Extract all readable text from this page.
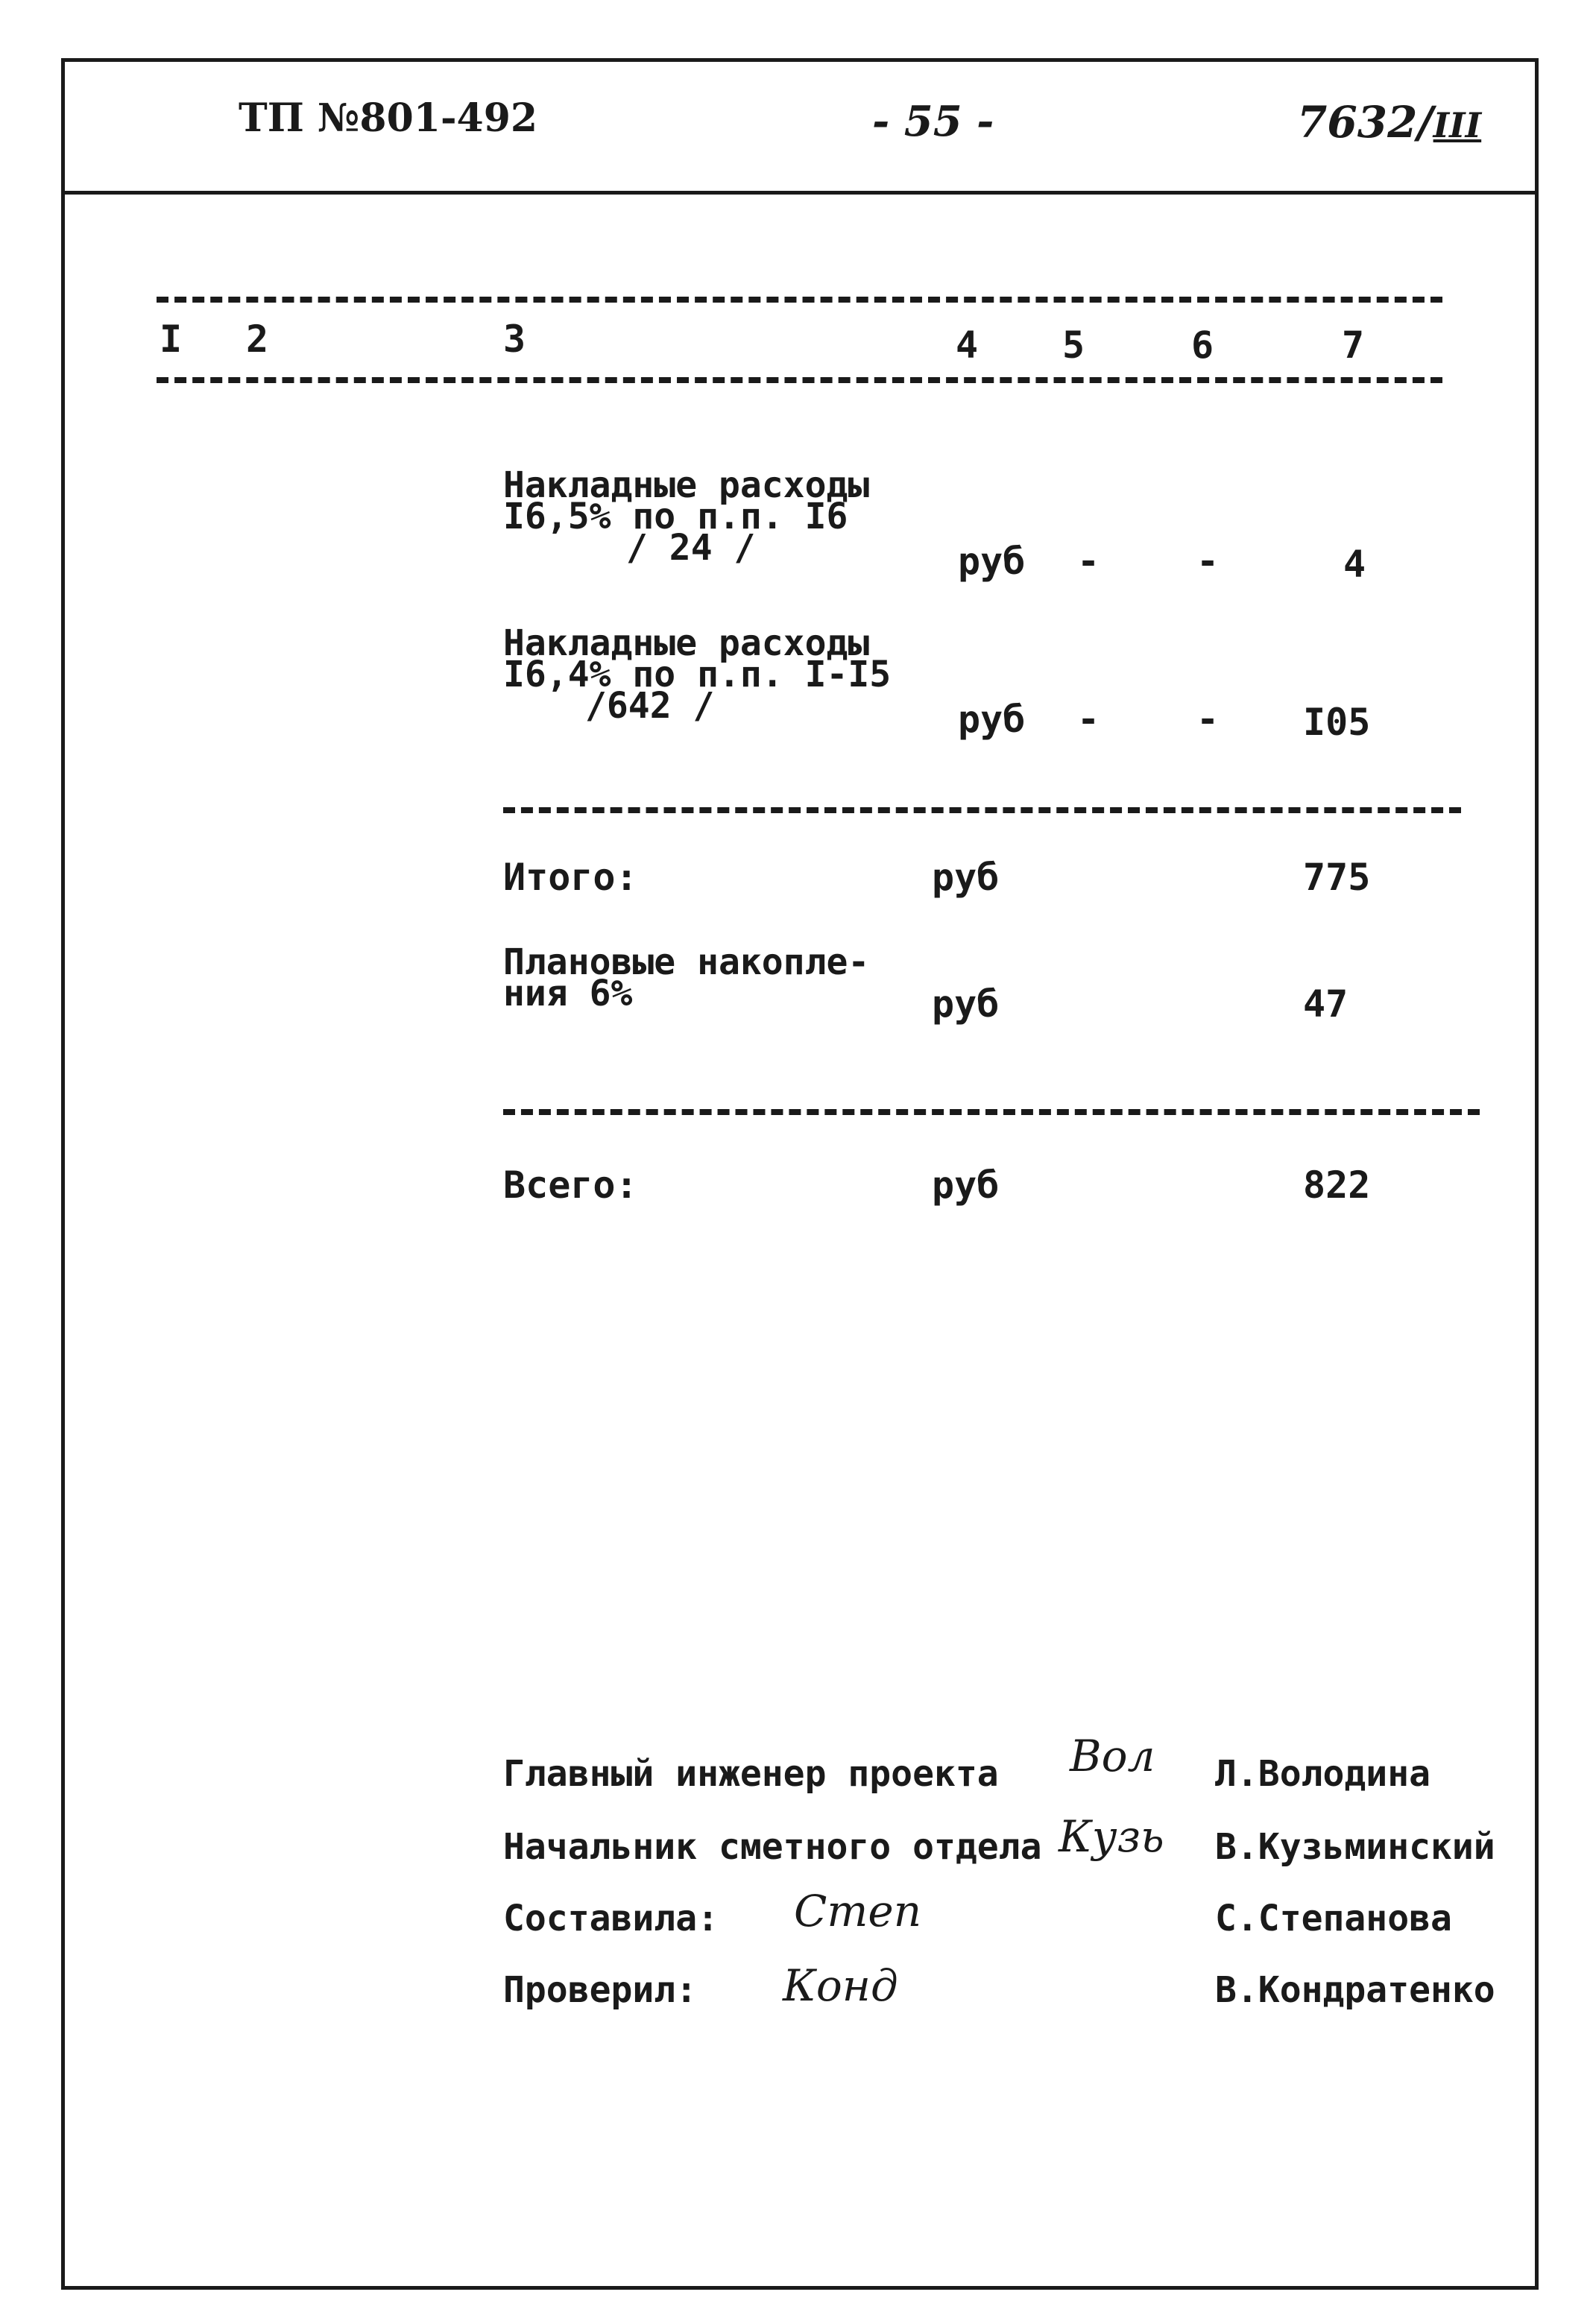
ТП №801-492	- 55 -	7632/III
I 2	3	4 5	6	7
Накладные расходы
I6,5% по п.п. I6
/ 24 /	руб -	-	4
Накладные расходы
I6,4% по п.п. I-I5
/642 /	руб -	- I05
Итого:	руб	775
Плановые накопле-
ния 6%	руб	47
Всего:	руб	822
Главный инженер проекта Вол Л.Володина
Начальник сметного отдела Кузь В.Кузьминский
Составила: Степ	С.Степанова
Проверил: Конд	В.Кондратенко
